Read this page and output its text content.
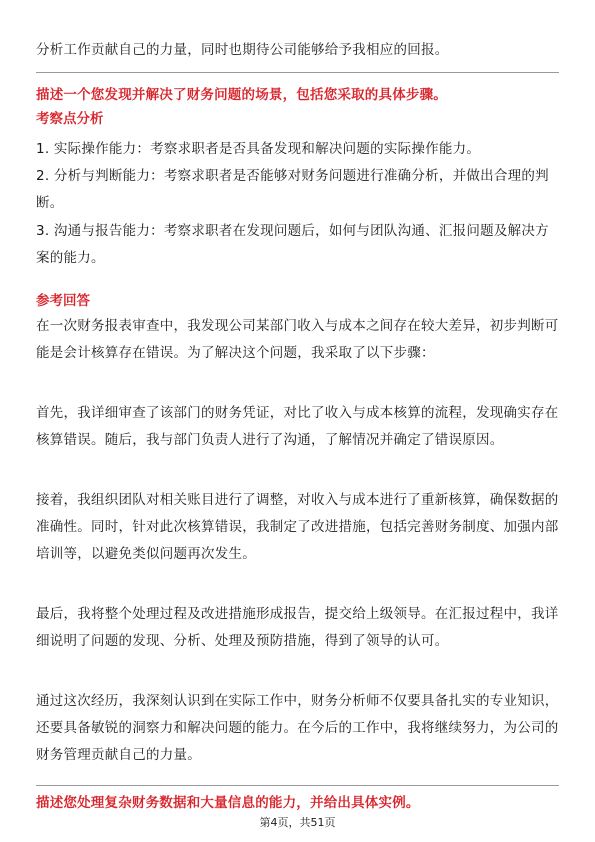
分析工作贡献自己的力量，同时也期待公司能够给予我相应的回报。

描述一个您发现并解决了财务问题的场景，包括您采取的具体步骤。

考察点分析

1. 实际操作能力：考察求职者是否具备发现和解决问题的实际操作能力。

2. 分析与判断能力：考察求职者是否能够对财务问题进行准确分析，并做出合理的判断。

3. 沟通与报告能力：考察求职者在发现问题后，如何与团队沟通、汇报问题及解决方案的能力。

参考回答

在一次财务报表审查中，我发现公司某部门收入与成本之间存在较大差异，初步判断可能是会计核算存在错误。为了解决这个问题，我采取了以下步骤：

首先，我详细审查了该部门的财务凭证，对比了收入与成本核算的流程，发现确实存在核算错误。随后，我与部门负责人进行了沟通，了解情况并确定了错误原因。

接着，我组织团队对相关账目进行了调整，对收入与成本进行了重新核算，确保数据的准确性。同时，针对此次核算错误，我制定了改进措施，包括完善财务制度、加强内部培训等，以避免类似问题再次发生。

最后，我将整个处理过程及改进措施形成报告，提交给上级领导。在汇报过程中，我详细说明了问题的发现、分析、处理及预防措施，得到了领导的认可。

通过这次经历，我深刻认识到在实际工作中，财务分析师不仅要具备扎实的专业知识，还要具备敏锐的洞察力和解决问题的能力。在今后的工作中，我将继续努力，为公司的财务管理贡献自己的力量。

描述您处理复杂财务数据和大量信息的能力，并给出具体实例。

第4页，共51页
